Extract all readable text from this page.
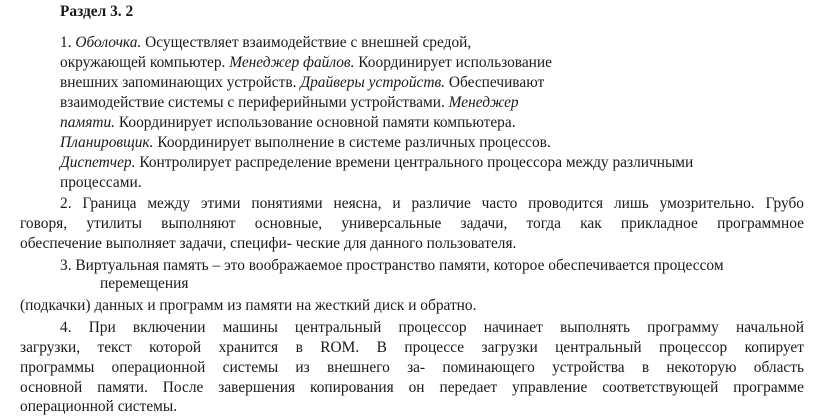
Раздел 3. 2
1. Оболочка. Осуществляет взаимодействие с внешней средой,
окружающей компьютер. Менеджер файлов. Координирует использование
внешних запоминающих устройств. Драйверы устройств. Обеспечивают
взаимодействие системы с периферийными устройствами. Менеджер
памяти. Координирует использование основной памяти компьютера.
Планировщик. Координирует выполнение в системе различных процессов.
Диспетчер. Контролирует распределение времени центрального процессора между различными
процессами.
2. Граница между этими понятиями неясна, и различие часто проводится лишь умозрительно. Грубо
говоря, утилиты выполняют основные, универсальные задачи, тогда как прикладное программное
обеспечение выполняет задачи, специфи- ческие для данного пользователя.
3. Виртуальная память – это воображаемое пространство памяти, которое обеспечивается процессом
перемещения
(подкачки) данных и программ из памяти на жесткий диск и обратно.
4. При включении машины центральный процессор начинает выполнять программу начальной
загрузки, текст которой хранится в ROM. В процессе загрузки центральный процессор копирует
программы операционной системы из внешнего за- поминающего устройства в некоторую область
основной памяти. После завершения копирования он передает управление соответствующей программе
операционной системы.
